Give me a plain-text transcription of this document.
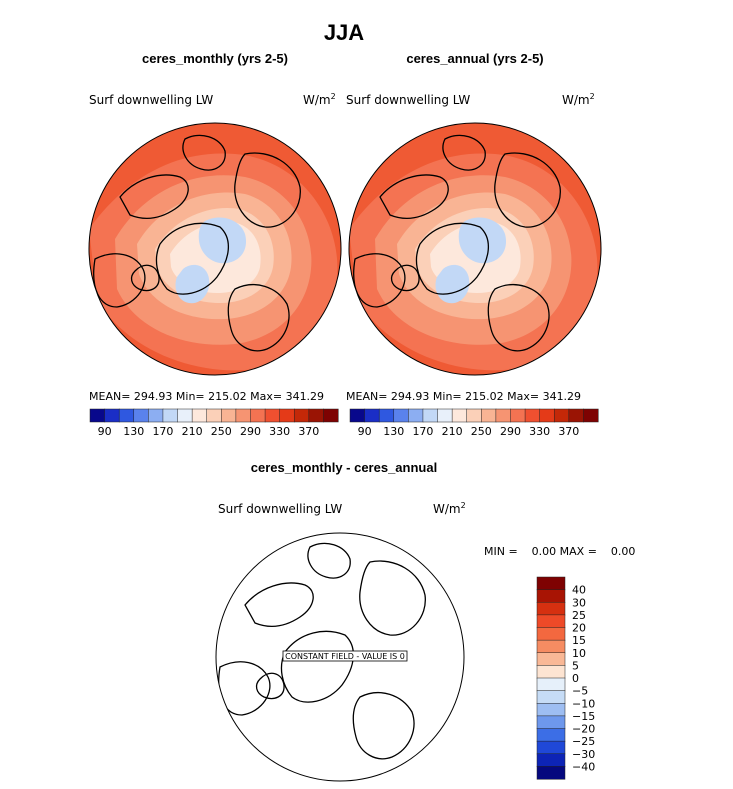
JJA
ceres_monthly (yrs 2-5)
Surf downwelling LW	$W/m^2$
MEAN= 294.93 Min= 215.02 Max= 341.29
90 130 170 210 250 290 330 370
ceres_annual (yrs 2-5)
Surf downwelling LW	$W/m^2$
MEAN= 294.93 Min= 215.02 Max= 341.29
90 130 170 210 250 290 330 370
ceres_monthly - ceres_annual
Surf downwelling LW	$W/m^2$
CONSTANT FIELD - VALUE IS 0
MIN =    0.00 MAX =    0.00
40
30
25
20
15
10
5
0
−5
−10
−15
−20
−25
−30
−40
